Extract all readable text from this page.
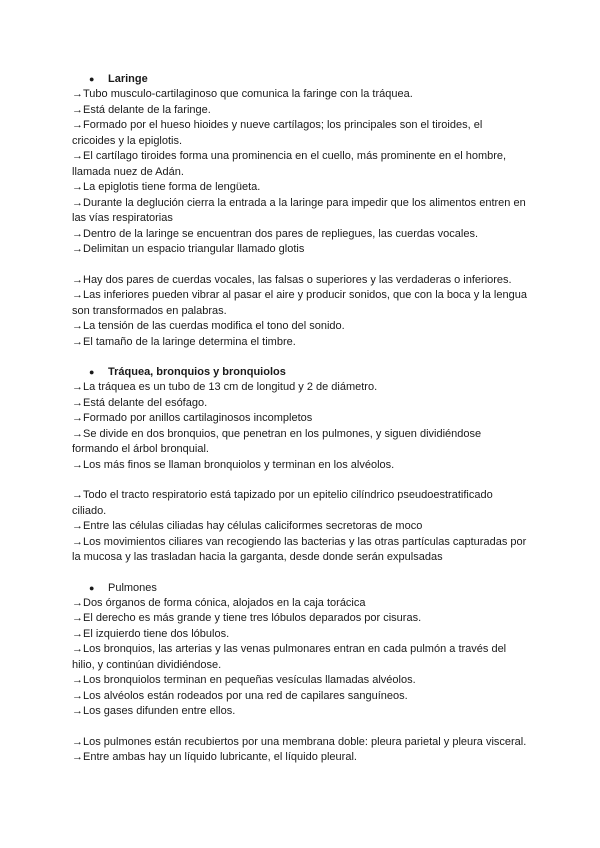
● Laringe

→Tubo musculo-cartilaginoso que comunica la faringe con la tráquea.

→Está delante de la faringe.

→Formado por el hueso hioides y nueve cartílagos; los principales son el tiroides, el cricoides y la epiglotis.

→El cartílago tiroides forma una prominencia en el cuello, más prominente en el hombre, llamada nuez de Adán.

→La epiglotis tiene forma de lengüeta.

→Durante la deglución cierra la entrada a la laringe para impedir que los alimentos entren en las vías respiratorias

→Dentro de la laringe se encuentran dos pares de repliegues, las cuerdas vocales.

→Delimitan un espacio triangular llamado glotis

→Hay dos pares de cuerdas vocales, las falsas o superiores y las verdaderas o inferiores.

→Las inferiores pueden vibrar al pasar el aire y producir sonidos, que con la boca y la lengua son transformados en palabras.

→La tensión de las cuerdas modifica el tono del sonido.

→El tamaño de la laringe determina el timbre.

● Tráquea, bronquios y bronquiolos

→La tráquea es un tubo de 13 cm de longitud y 2 de diámetro.

→Está delante del esófago.

→Formado por anillos cartilaginosos incompletos

→Se divide en dos bronquios, que penetran en los pulmones, y siguen dividiéndose formando el árbol bronquial.

→Los más finos se llaman bronquiolos y terminan en los alvéolos.

→Todo el tracto respiratorio está tapizado por un epitelio cilíndrico pseudoestratificado ciliado.

→Entre las células ciliadas hay células caliciformes secretoras de moco

→Los movimientos ciliares van recogiendo las bacterias y las otras partículas capturadas por la mucosa y las trasladan hacia la garganta, desde donde serán expulsadas

● Pulmones

→Dos órganos de forma cónica, alojados en la caja torácica

→El derecho es más grande y tiene tres lóbulos deparados por cisuras.

→El izquierdo tiene dos lóbulos.

→Los bronquios, las arterias y las venas pulmonares entran en cada pulmón a través del hilio, y continúan dividiéndose.

→Los bronquiolos terminan en pequeñas vesículas llamadas alvéolos.

→Los alvéolos están rodeados por una red de capilares sanguíneos.

→Los gases difunden entre ellos.

→Los pulmones están recubiertos por una membrana doble: pleura parietal y pleura visceral.

→Entre ambas hay un líquido lubricante, el líquido pleural.
